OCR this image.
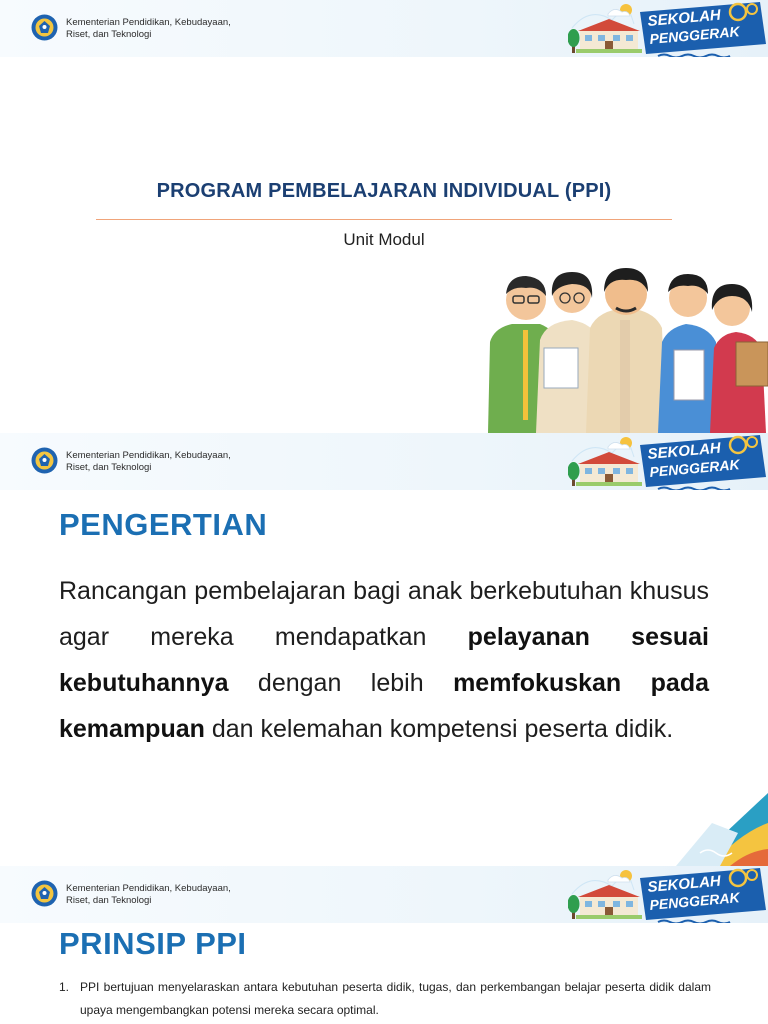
Kementerian Pendidikan, Kebudayaan,
Riset, dan Teknologi
SEKOLAH
PENGGERAK
PROGRAM PEMBELAJARAN INDIVIDUAL (PPI)
Unit Modul
Kementerian Pendidikan, Kebudayaan,
Riset, dan Teknologi
SEKOLAH
PENGGERAK
PENGERTIAN
Rancangan pembelajaran bagi anak berkebutuhan khusus agar mereka mendapatkan pelayanan sesuai kebutuhannya dengan lebih memfokuskan pada kemampuan dan kelemahan kompetensi peserta didik.
Kementerian Pendidikan, Kebudayaan,
Riset, dan Teknologi
SEKOLAH
PENGGERAK
PRINSIP PPI
1. PPI bertujuan menyelaraskan antara kebutuhan peserta didik, tugas, dan perkembangan belajar peserta didik dalam upaya mengembangkan potensi mereka secara optimal.
